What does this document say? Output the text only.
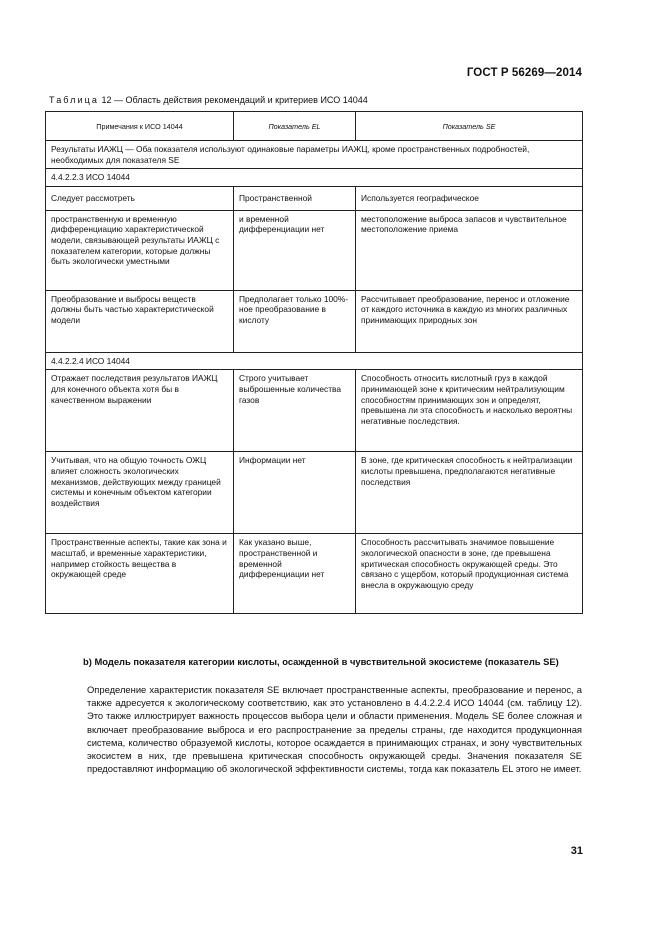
ГОСТ Р 56269—2014
Таблица 12 — Область действия рекомендаций и критериев ИСО 14044
Примечания к ИСО 14044	Показатель EL	Показатель SE
Результаты ИАЖЦ — Оба показателя используют одинаковые параметры ИАЖЦ, кроме пространственных подробностей, необходимых для показателя SE		
4.4.2.2.3 ИСО 14044		
Следует рассмотреть	Пространственной	Используется географическое
пространственную и временную дифференциацию характеристической модели, связывающей результаты ИАЖЦ с показателем категории, которые должны быть экологически уместными	и временной дифференциации нет	местоположение выброса запасов и чувствительное местоположение приема
Преобразование и выбросы веществ должны быть частью характеристической модели	Предполагает только 100%-ное преобразование в кислоту	Рассчитывает преобразование, перенос и отложение от каждого источника в каждую из многих различных принимающих природных зон
4.4.2.2.4 ИСО 14044		
Отражает последствия результатов ИАЖЦ для конечного объекта хотя бы в качественном выражении	Строго учитывает выброшенные количества газов	Способность относить кислотный груз в каждой принимающей зоне к критическим нейтрализующим способностям принимающих зон и определят, превышена ли эта способность и насколько вероятны негативные последствия.
Учитывая, что на общую точность ОЖЦ влияет сложность экологических механизмов, действующих между границей системы и конечным объектом категории воздействия	Информации нет	В зоне, где критическая способность к нейтрализации кислоты превышена, предполагаются негативные последствия
Пространственные аспекты, такие как зона и масштаб, и временные характеристики, например стойкость вещества в окружающей среде	Как указано выше, пространственной и временной дифференциации нет	Способность рассчитывать значимое повышение экологической опасности в зоне, где превышена критическая способность окружающей среды. Это связано с ущербом, который продукционная система внесла в окружающую среду
b) Модель показателя категории кислоты, осажденной в чувствительной экосистеме (показатель SE)
Определение характеристик показателя SE включает пространственные аспекты, преобразование и перенос, а также адресуется к экологическому соответствию, как это установлено в 4.4.2.2.4 ИСО 14044 (см. таблицу 12). Это также иллюстрирует важность процессов выбора цели и области применения. Модель SE более сложная и включает преобразование выброса и его распространение за пределы страны, где находится продукционная система, количество образуемой кислоты, которое осаждается в принимающих странах, и зону чувствительных экосистем в них, где превышена критическая способность окружающей среды. Значения показателя SE предоставляют информацию об экологической эффективности системы, тогда как показатель EL этого не имеет.
31
